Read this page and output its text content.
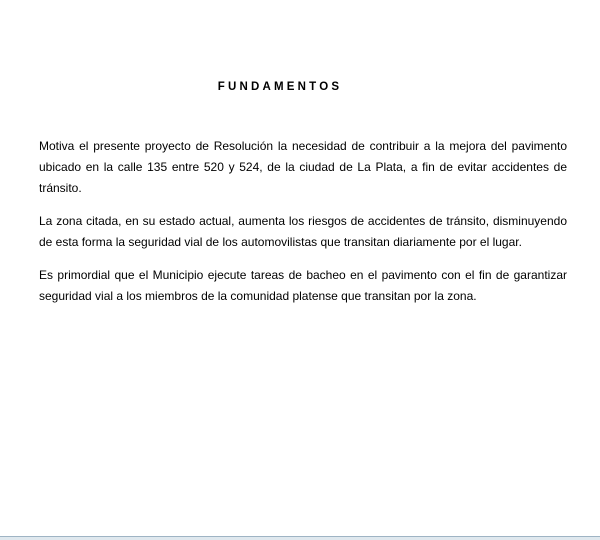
FUNDAMENTOS

Motiva el presente proyecto de Resolución la necesidad de contribuir a la mejora del pavimento ubicado en la calle 135 entre 520 y 524, de la ciudad de La Plata, a fin de evitar accidentes de tránsito.

La zona citada, en su estado actual, aumenta los riesgos de accidentes de tránsito, disminuyendo de esta forma la seguridad vial de los automovilistas que transitan diariamente por el lugar.

Es primordial que el Municipio ejecute tareas de bacheo en el pavimento con el fin de garantizar seguridad vial a los miembros de la comunidad platense que transitan por la zona.
